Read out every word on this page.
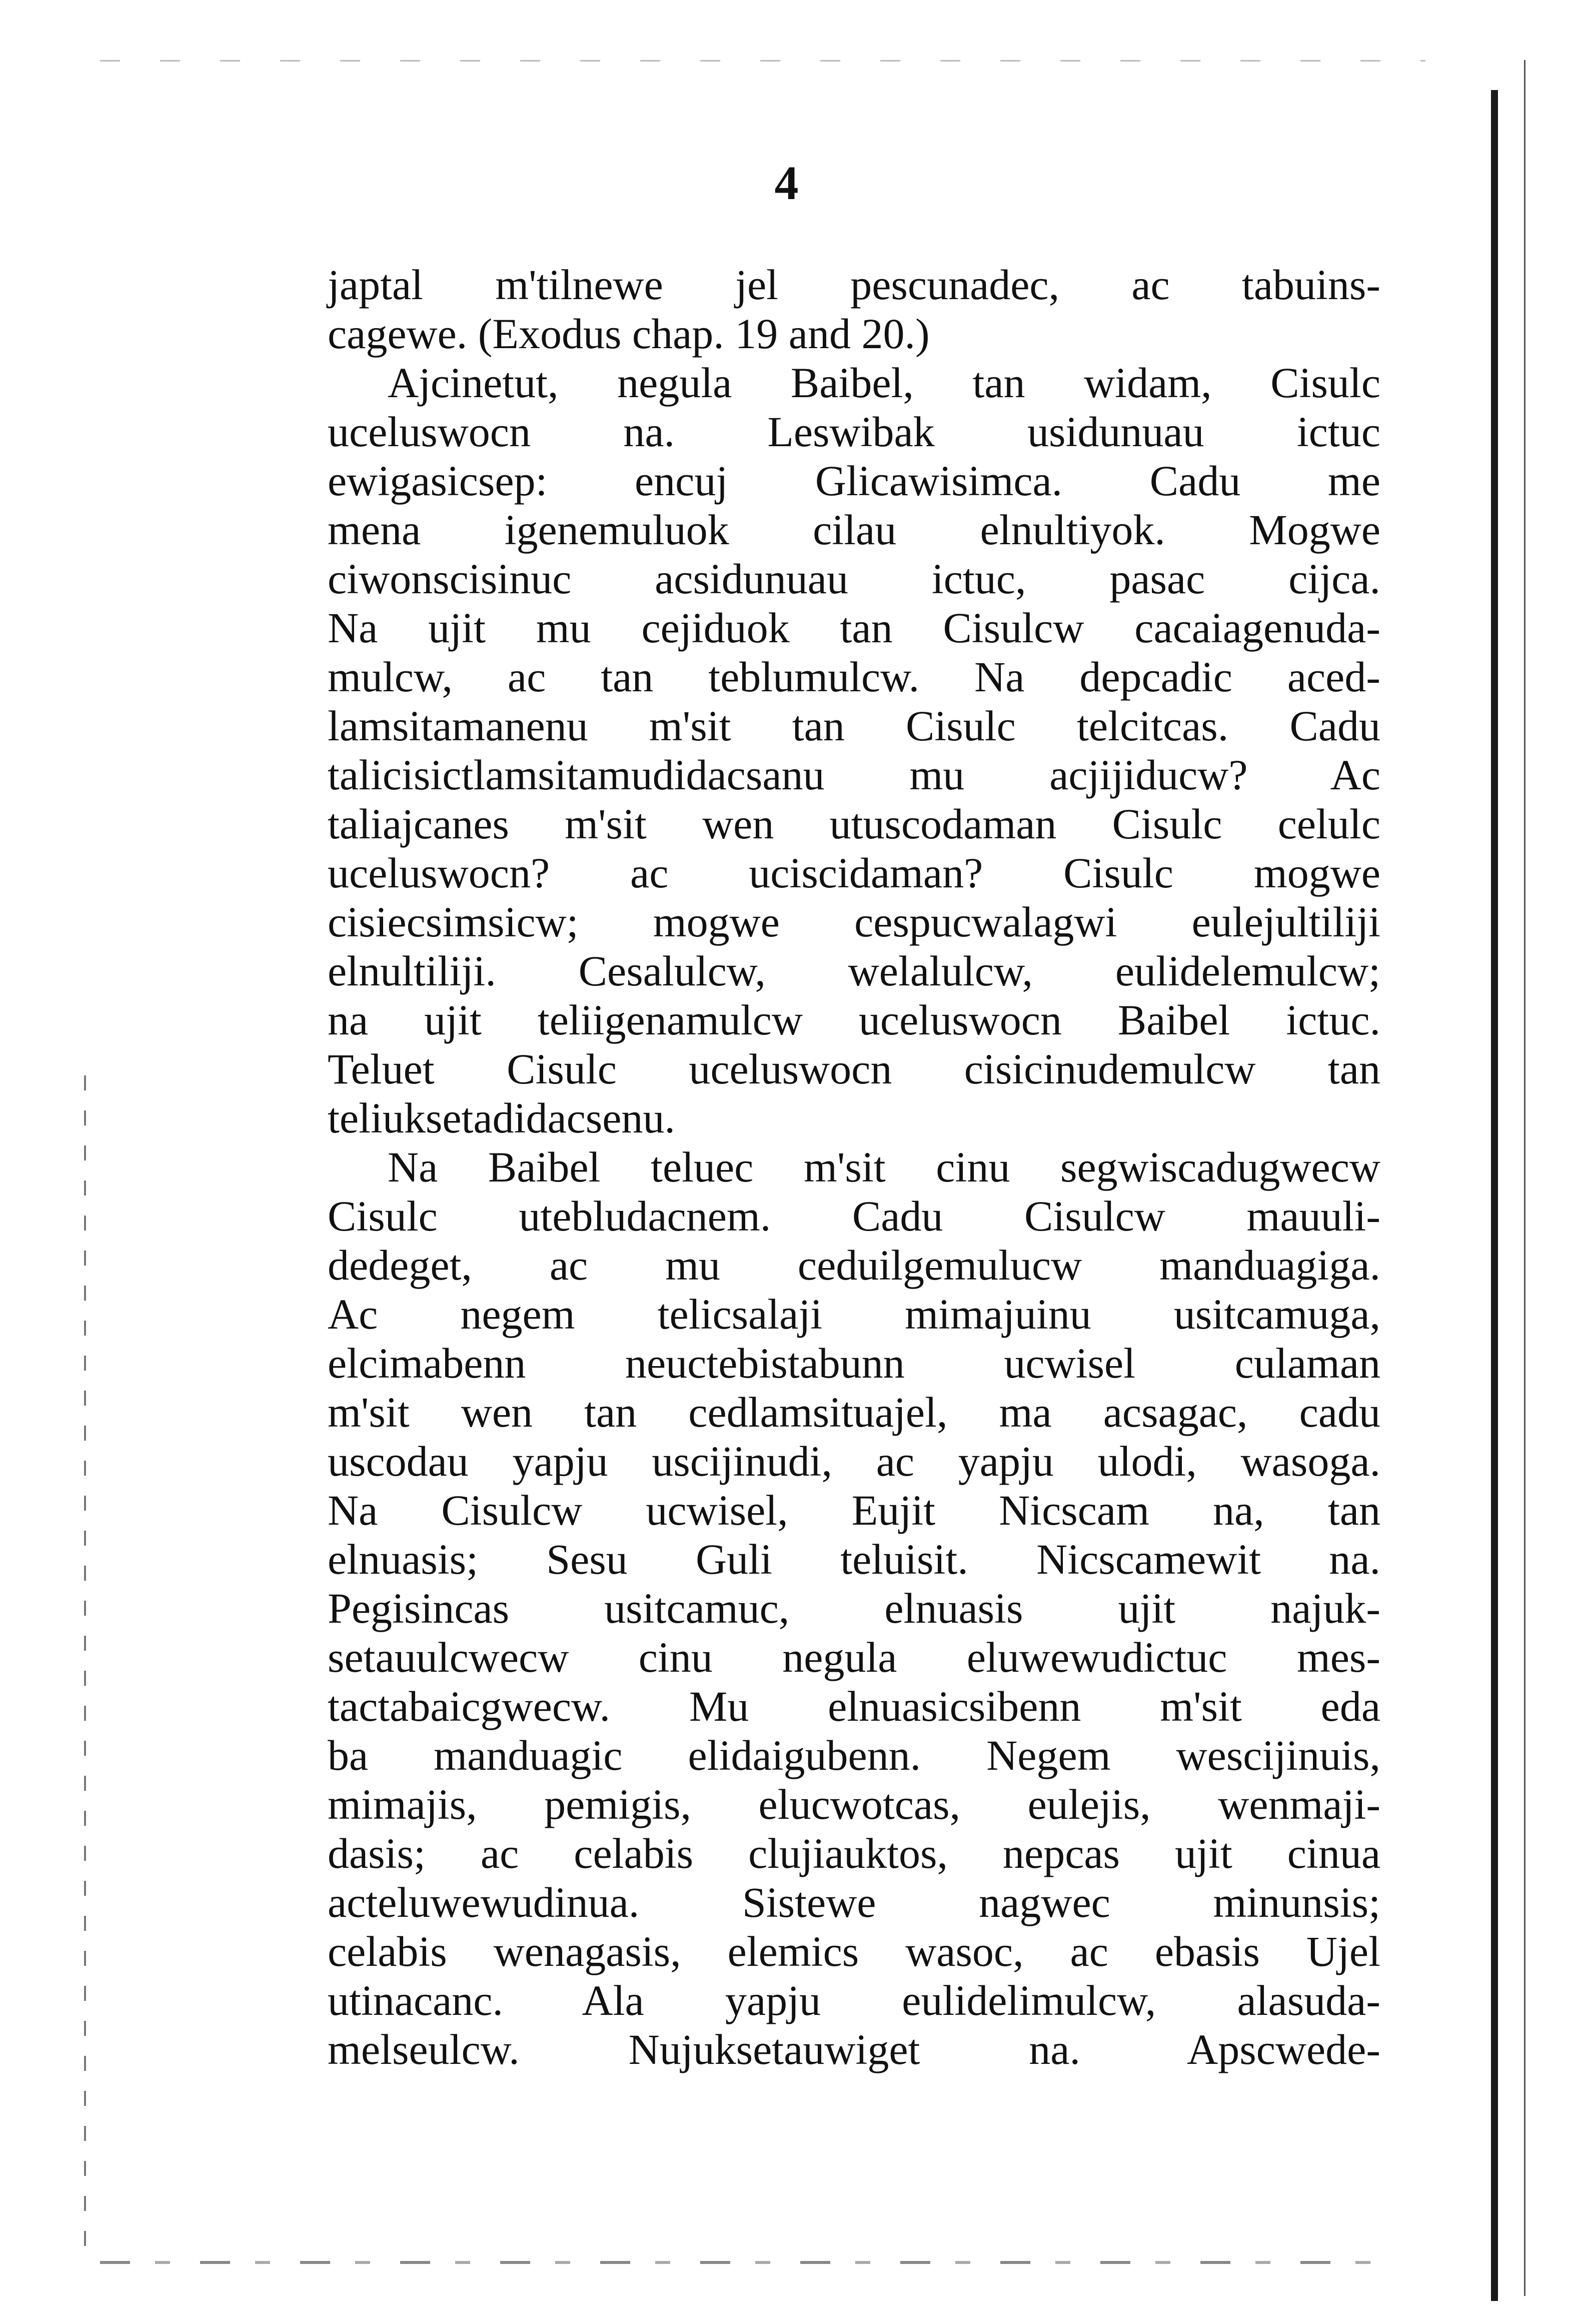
4
japtal m'tilnewe jel pescunadec, ac tabuins-
cagewe. (Exodus chap. 19 and 20.)
Ajcinetut, negula Baibel, tan widam, Cisulc
uceluswocn na. Leswibak usidunuau ictuc
ewigasicsep: encuj Glicawisimca. Cadu me
mena igenemuluok cilau elnultiyok. Mogwe
ciwonscisinuc acsidunuau ictuc, pasac cijca.
Na ujit mu cejiduok tan Cisulcw cacaiagenuda-
mulcw, ac tan teblumulcw. Na depcadic aced-
lamsitamanenu m'sit tan Cisulc telcitcas. Cadu
talicisictlamsitamudidacsanu mu acjijiducw? Ac
taliajcanes m'sit wen utuscodaman Cisulc celulc
uceluswocn? ac uciscidaman? Cisulc mogwe
cisiecsimsicw; mogwe cespucwalagwi eulejultiliji
elnultiliji. Cesalulcw, welalulcw, eulidelemulcw;
na ujit teliigenamulcw uceluswocn Baibel ictuc.
Teluet Cisulc uceluswocn cisicinudemulcw tan
teliuksetadidacsenu.
Na Baibel teluec m'sit cinu segwiscadugwecw
Cisulc utebludacnem. Cadu Cisulcw mauuli-
dedeget, ac mu ceduilgemulucw manduagiga.
Ac negem telicsalaji mimajuinu usitcamuga,
elcimabenn neuctebistabunn ucwisel culaman
m'sit wen tan cedlamsituajel, ma acsagac, cadu
uscodau yapju uscijinudi, ac yapju ulodi, wasoga.
Na Cisulcw ucwisel, Eujit Nicscam na, tan
elnuasis; Sesu Guli teluisit. Nicscamewit na.
Pegisincas usitcamuc, elnuasis ujit najuk-
setauulcwecw cinu negula eluwewudictuc mes-
tactabaicgwecw. Mu elnuasicsibenn m'sit eda
ba manduagic elidaigubenn. Negem wescijinuis,
mimajis, pemigis, elucwotcas, eulejis, wenmaji-
dasis; ac celabis clujiauktos, nepcas ujit cinua
acteluwewudinua. Sistewe nagwec minunsis;
celabis wenagasis, elemics wasoc, ac ebasis Ujel
utinacanc. Ala yapju eulidelimulcw, alasuda-
melseulcw. Nujuksetauwiget na. Apscwede-
